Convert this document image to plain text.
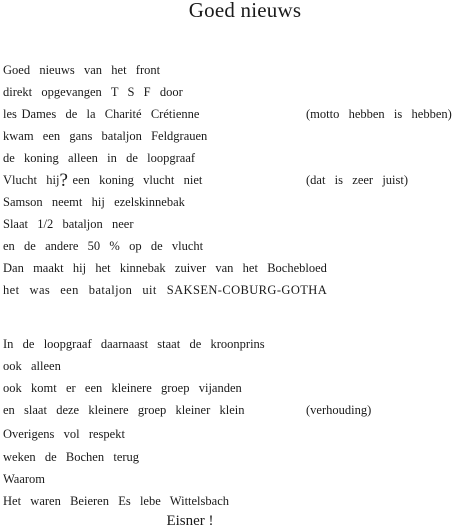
Goed nieuws
Goed  nieuws  van  het  front
direkt  opgevangen  T  S  F  door
les Dames  de  la  Charité  Crétienne	(motto  hebben  is  hebben)
kwam  een  gans  bataljon  Feldgrauen
de  koning  alleen  in  de  loopgraaf
Vlucht  hij? een  koning  vlucht  niet	(dat  is  zeer  juist)
Samson  neemt  hij  ezelskinnebak
Slaat  1/2  bataljon  neer
en  de  andere  50  %  op  de  vlucht
Dan  maakt  hij  het  kinnebak  zuiver  van  het  Bocheblοed
het  was  een  bataljon  uit  SAKSEN-COBURG-GOTHA
In  de  loopgraaf  daarnaast  staat  de  kroonprins
ook  alleen
ook  komt  er  een  kleinere  groep  vijanden
en  slaat  deze  kleinere  groep  kleiner  klein	(verhouding)
Overigens  vol  respekt
weken  de  Bochen  terug
Waarom
Het  waren  Beieren  Es  lebe  Wittelsbach
Eisner !
